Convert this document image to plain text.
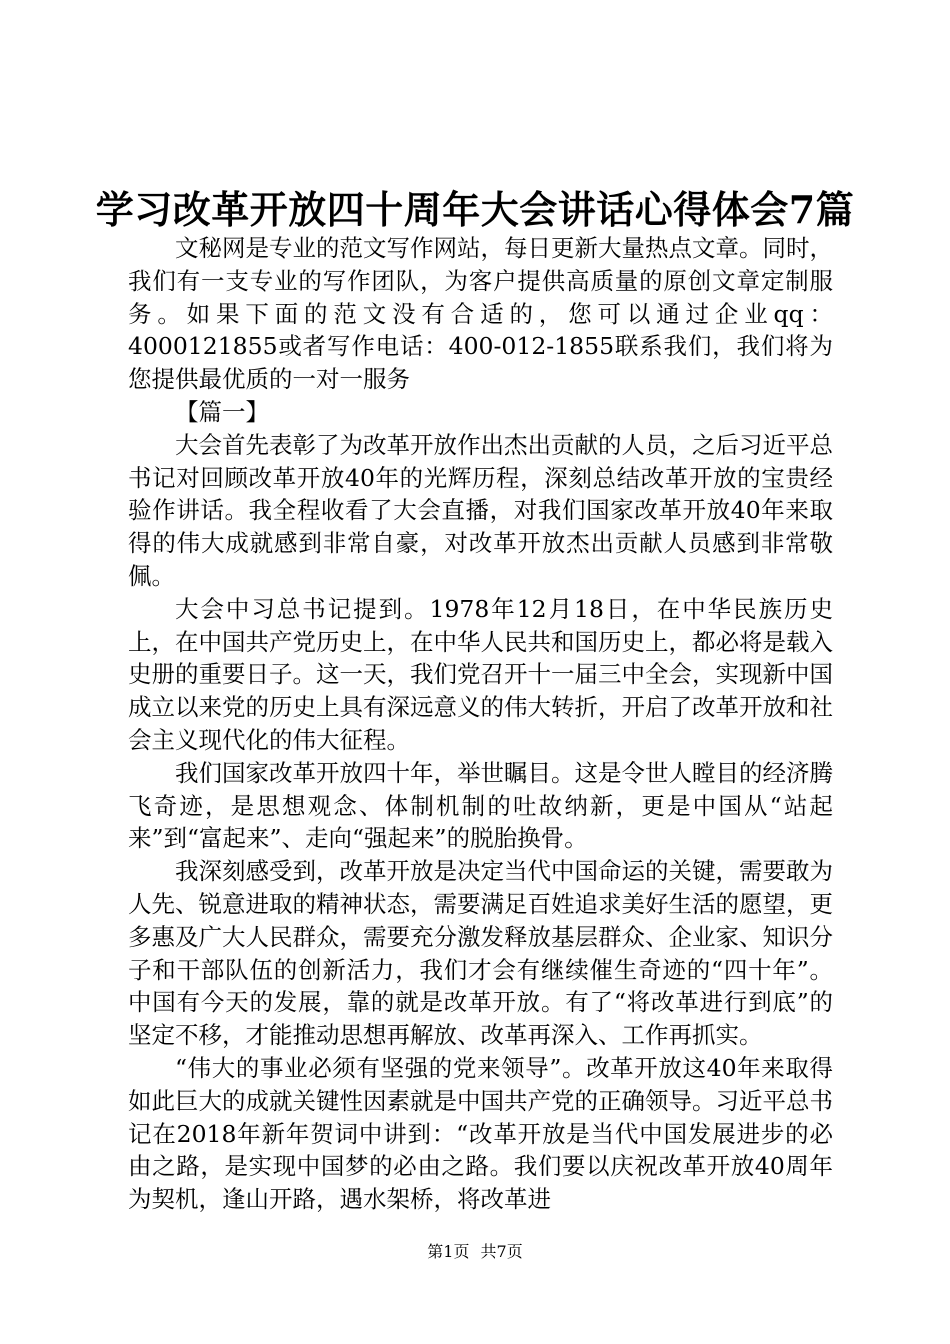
学习改革开放四十周年大会讲话心得体会7篇

文秘网是专业的范文写作网站，每日更新大量热点文章。同时，我们有一支专业的写作团队，为客户提供高质量的原创文章定制服务。如果下面的范文没有合适的，您可以通过企业qq：4000121855或者写作电话：400-012-1855联系我们，我们将为您提供最优质的一对一服务

【篇一】

大会首先表彰了为改革开放作出杰出贡献的人员，之后习近平总书记对回顾改革开放40年的光辉历程，深刻总结改革开放的宝贵经验作讲话。我全程收看了大会直播，对我们国家改革开放40年来取得的伟大成就感到非常自豪，对改革开放杰出贡献人员感到非常敬佩。

大会中习总书记提到。1978年12月18日，在中华民族历史上，在中国共产党历史上，在中华人民共和国历史上，都必将是载入史册的重要日子。这一天，我们党召开十一届三中全会，实现新中国成立以来党的历史上具有深远意义的伟大转折，开启了改革开放和社会主义现代化的伟大征程。

我们国家改革开放四十年，举世瞩目。这是令世人瞠目的经济腾飞奇迹，是思想观念、体制机制的吐故纳新，更是中国从“站起来”到“富起来”、走向“强起来”的脱胎换骨。

我深刻感受到，改革开放是决定当代中国命运的关键，需要敢为人先、锐意进取的精神状态，需要满足百姓追求美好生活的愿望，更多惠及广大人民群众，需要充分激发释放基层群众、企业家、知识分子和干部队伍的创新活力，我们才会有继续催生奇迹的“四十年”。中国有今天的发展，靠的就是改革开放。有了“将改革进行到底”的坚定不移，才能推动思想再解放、改革再深入、工作再抓实。

“伟大的事业必须有坚强的党来领导”。改革开放这40年来取得如此巨大的成就关键性因素就是中国共产党的正确领导。习近平总书记在2018年新年贺词中讲到：“改革开放是当代中国发展进步的必由之路，是实现中国梦的必由之路。我们要以庆祝改革开放40周年为契机，逢山开路，遇水架桥，将改革进

第1页 共7页
